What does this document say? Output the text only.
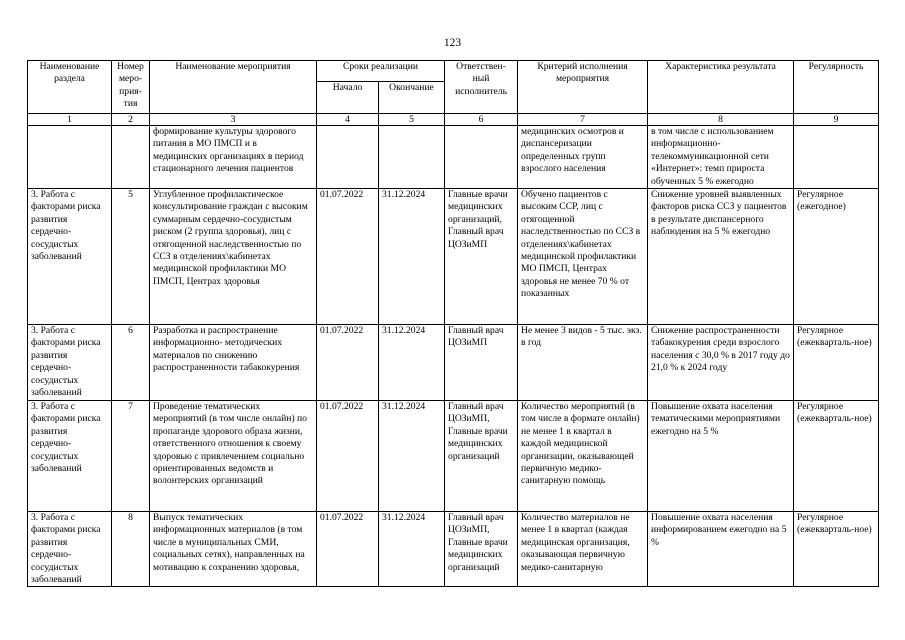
123
Наименование раздела	Номер меро-прия-тия	Наименование мероприятия	Сроки реализации		Ответствен-ный исполнитель	Критерий исполнения мероприятия	Характеристика результата	Регулярность
			Начало	Окончание				
1	2	3	4	5	6	7	8	9
		формирование культуры здорового питания в МО ПМСП и в медицинских организациях в период стационарного лечения пациентов				медицинских осмотров и диспансеризации определенных групп взрослого населения	в том числе с использованием информационно-телекоммуникационной сети «Интернет»: темп прироста обученных 5 % ежегодно	
3. Работа с факторами риска развития сердечно-сосудистых заболеваний	5	Углубленное профилактическое консультирование граждан с высоким суммарным сердечно-сосудистым риском (2 группа здоровья), лиц с отягощенной наследственностью по ССЗ в отделениях\кабинетах медицинской профилактики МО ПМСП, Центрах здоровья	01.07.2022	31.12.2024	Главные врачи медицинских организаций, Главный врач ЦОЗиМП	Обучено пациентов с высоким ССР, лиц с отягощенной наследственностью по ССЗ в отделениях\кабинетах медицинской профилактики МО ПМСП, Центрах здоровья не менее 70 % от показанных	Снижение уровней выявленных факторов риска ССЗ у пациентов в результате диспансерного наблюдения на 5 % ежегодно	Регулярное (ежегодное)
3. Работа с факторами риска развития сердечно-сосудистых заболеваний	6	Разработка и распространение информационно- методических материалов по снижению распространенности табакокурения	01.07.2022	31.12.2024	Главный врач ЦОЗиМП	Не менее 3 видов - 5 тыс. экз. в год	Снижение распространенности табакокурения среди взрослого населения с 30,0 % в 2017 году до 21,0 % к 2024 году	Регулярное (ежекварталь-ное)
3. Работа с факторами риска развития сердечно-сосудистых заболеваний	7	Проведение тематических мероприятий (в том числе онлайн) по пропаганде здорового образа жизни, ответственного отношения к своему здоровью с привлечением социально ориентированных ведомств и волонтерских организаций	01.07.2022	31.12.2024	Главный врач ЦОЗиМП, Главные врачи медицинских организаций	Количество мероприятий (в том числе в формате онлайн) не менее 1 в квартал в каждой медицинской организации, оказывающей первичную медико-санитарную помощь	Повышение охвата населения тематическими мероприятиями ежегодно на 5 %	Регулярное (ежекварталь-ное)
3. Работа с факторами риска развития сердечно-сосудистых заболеваний	8	Выпуск тематических информационных материалов (в том числе в муниципальных СМИ, социальных сетях), направленных на мотивацию к сохранению здоровья,	01.07.2022	31.12.2024	Главный врач ЦОЗиМП, Главные врачи медицинских организаций	Количество материалов не менее 1 в квартал (каждая медицинская организация, оказывающая первичную медико-санитарную	Повышение охвата населения информированием ежегодно на 5 %	Регулярное (ежекварталь-ное)
